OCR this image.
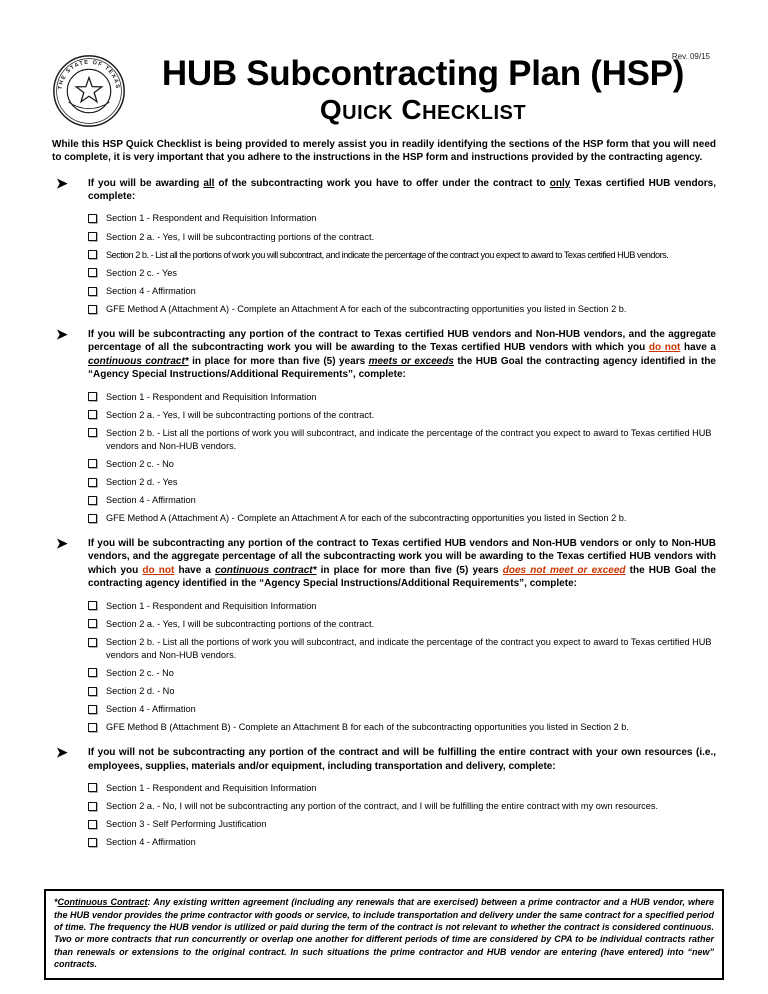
Rev. 09/15
THE STATE OF TEXAS	HUB Subcontracting Plan (HSP)
Quick Checklist

While this HSP Quick Checklist is being provided to merely assist you in readily identifying the sections of the HSP form that you will need to complete, it is very important that you adhere to the instructions in the HSP form and instructions provided by the contracting agency.

➤ If you will be awarding all of the subcontracting work you have to offer under the contract to only Texas certified HUB vendors, complete:

Section 1 - Respondent and Requisition Information
Section 2 a. - Yes, I will be subcontracting portions of the contract.
Section 2 b. - List all the portions of work you will subcontract, and indicate the percentage of the contract you expect to award to Texas certified HUB vendors.
Section 2 c. - Yes
Section 4 - Affirmation
GFE Method A (Attachment A) - Complete an Attachment A for each of the subcontracting opportunities you listed in Section 2 b.
➤ If you will be subcontracting any portion of the contract to Texas certified HUB vendors and Non-HUB vendors, and the aggregate percentage of all the subcontracting work you will be awarding to the Texas certified HUB vendors with which you do not have a continuous contract* in place for more than five (5) years meets or exceeds the HUB Goal the contracting agency identified in the “Agency Special Instructions/Additional Requirements”, complete:

Section 1 - Respondent and Requisition Information
Section 2 a. - Yes, I will be subcontracting portions of the contract.
Section 2 b. - List all the portions of work you will subcontract, and indicate the percentage of the contract you expect to award to Texas certified HUB vendors and Non-HUB vendors.
Section 2 c. - No
Section 2 d. - Yes
Section 4 - Affirmation
GFE Method A (Attachment A) - Complete an Attachment A for each of the subcontracting opportunities you listed in Section 2 b.
➤ If you will be subcontracting any portion of the contract to Texas certified HUB vendors and Non-HUB vendors or only to Non-HUB vendors, and the aggregate percentage of all the subcontracting work you will be awarding to the Texas certified HUB vendors with which you do not have a continuous contract* in place for more than five (5) years does not meet or exceed the HUB Goal the contracting agency identified in the “Agency Special Instructions/Additional Requirements”, complete:

Section 1 - Respondent and Requisition Information
Section 2 a. - Yes, I will be subcontracting portions of the contract.
Section 2 b. - List all the portions of work you will subcontract, and indicate the percentage of the contract you expect to award to Texas certified HUB vendors and Non-HUB vendors.
Section 2 c. - No
Section 2 d. - No
Section 4 - Affirmation
GFE Method B (Attachment B) - Complete an Attachment B for each of the subcontracting opportunities you listed in Section 2 b.
➤ If you will not be subcontracting any portion of the contract and will be fulfilling the entire contract with your own resources (i.e., employees, supplies, materials and/or equipment, including transportation and delivery, complete:

Section 1 - Respondent and Requisition Information
Section 2 a. - No, I will not be subcontracting any portion of the contract, and I will be fulfilling the entire contract with my own resources.
Section 3 - Self Performing Justification
Section 4 - Affirmation
*Continuous Contract: Any existing written agreement (including any renewals that are exercised) between a prime contractor and a HUB vendor, where the HUB vendor provides the prime contractor with goods or service, to include transportation and delivery under the same contract for a specified period of time. The frequency the HUB vendor is utilized or paid during the term of the contract is not relevant to whether the contract is considered continuous. Two or more contracts that run concurrently or overlap one another for different periods of time are considered by CPA to be individual contracts rather than renewals or extensions to the original contract. In such situations the prime contractor and HUB vendor are entering (have entered) into “new” contracts.
